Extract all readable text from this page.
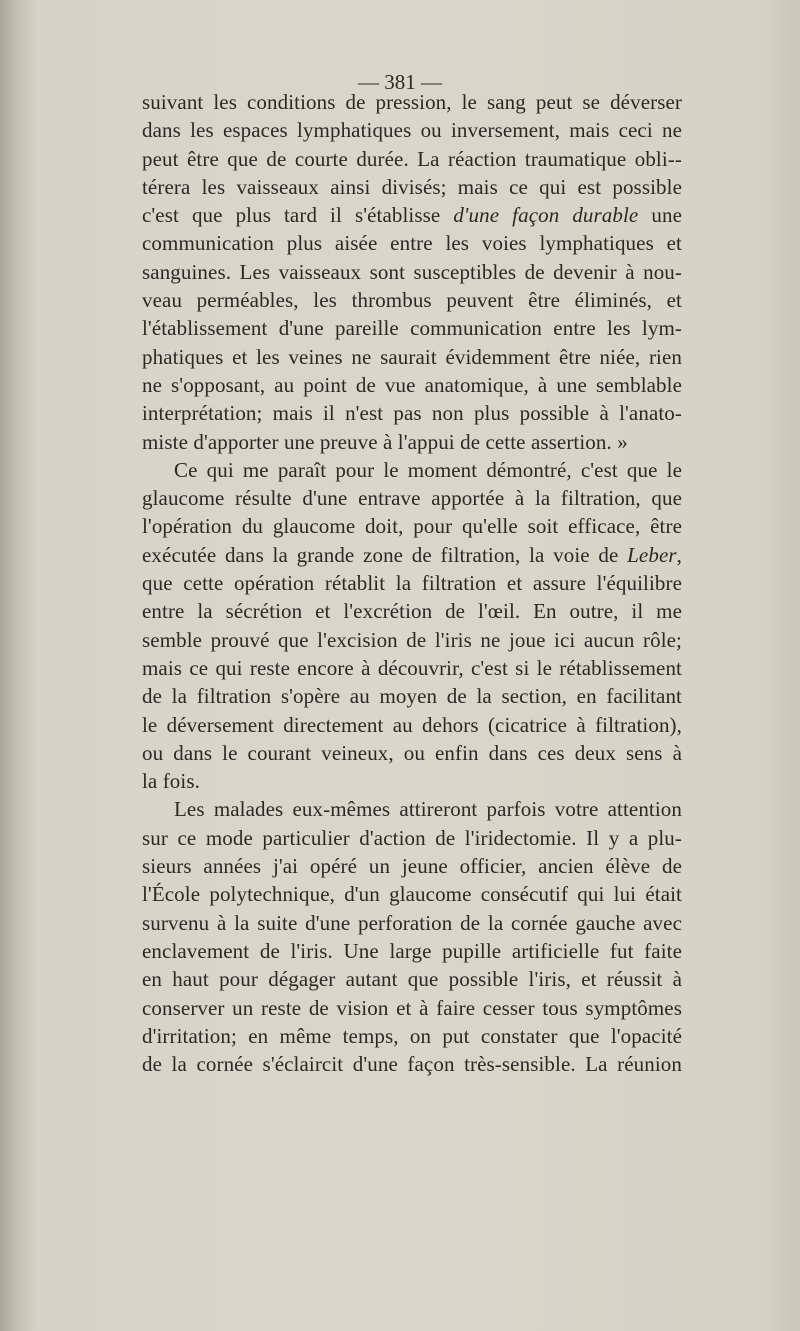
— 381 —
suivant les conditions de pression, le sang peut se déverser
dans les espaces lymphatiques ou inversement, mais ceci ne
peut être que de courte durée. La réaction traumatique obli--
térera les vaisseaux ainsi divisés; mais ce qui est possible
c'est que plus tard il s'établisse d'une façon durable une
communication plus aisée entre les voies lymphatiques et
sanguines. Les vaisseaux sont susceptibles de devenir à nou-
veau perméables, les thrombus peuvent être éliminés, et
l'établissement d'une pareille communication entre les lym-
phatiques et les veines ne saurait évidemment être niée, rien
ne s'opposant, au point de vue anatomique, à une semblable
interprétation; mais il n'est pas non plus possible à l'anato-
miste d'apporter une preuve à l'appui de cette assertion. »
Ce qui me paraît pour le moment démontré, c'est que le
glaucome résulte d'une entrave apportée à la filtration, que
l'opération du glaucome doit, pour qu'elle soit efficace, être
exécutée dans la grande zone de filtration, la voie de Leber,
que cette opération rétablit la filtration et assure l'équilibre
entre la sécrétion et l'excrétion de l'œil. En outre, il me
semble prouvé que l'excision de l'iris ne joue ici aucun rôle;
mais ce qui reste encore à découvrir, c'est si le rétablissement
de la filtration s'opère au moyen de la section, en facilitant
le déversement directement au dehors (cicatrice à filtration),
ou dans le courant veineux, ou enfin dans ces deux sens à
la fois.
Les malades eux-mêmes attireront parfois votre attention
sur ce mode particulier d'action de l'iridectomie. Il y a plu-
sieurs années j'ai opéré un jeune officier, ancien élève de
l'École polytechnique, d'un glaucome consécutif qui lui était
survenu à la suite d'une perforation de la cornée gauche avec
enclavement de l'iris. Une large pupille artificielle fut faite
en haut pour dégager autant que possible l'iris, et réussit à
conserver un reste de vision et à faire cesser tous symptômes
d'irritation; en même temps, on put constater que l'opacité
de la cornée s'éclaircit d'une façon très-sensible. La réunion
